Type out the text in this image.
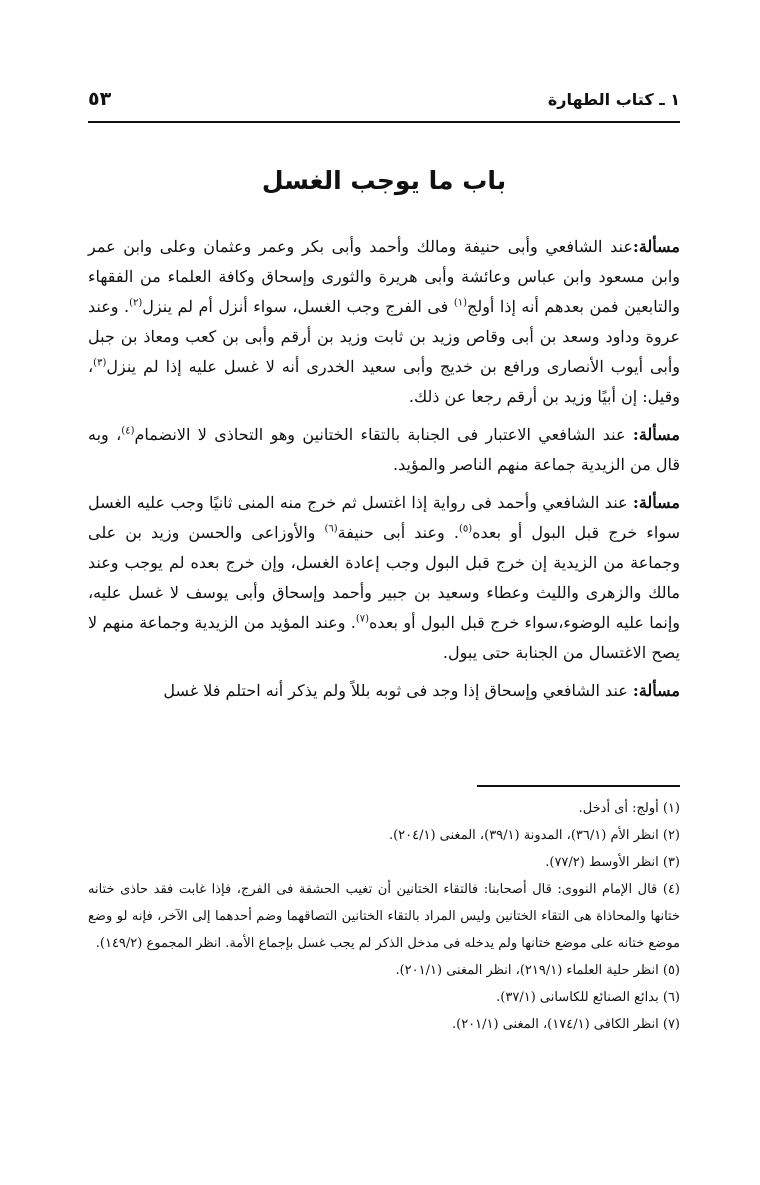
١ ـ كتاب الطهارة
٥٣
باب ما يوجب الغسل

مسألة:عند الشافعي وأبى حنيفة ومالك وأحمد وأبى بكر وعمر وعثمان وعلى وابن عمر وابن مسعود وابن عباس وعائشة وأبى هريرة والثورى وإسحاق وكافة العلماء من الفقهاء والتابعين فمن بعدهم أنه إذا أولج$^{(١)}$ فى الفرج وجب الغسل، سواء أنزل أم لم ينزل$^{(٢)}$. وعند عروة وداود وسعد بن أبى وقاص وزيد بن ثابت وزيد بن أرقم وأبى بن كعب ومعاذ بن جبل وأبى أيوب الأنصارى ورافع بن خديج وأبى سعيد الخدرى أنه لا غسل عليه إذا لم ينزل$^{(٣)}$، وقيل: إن أبيًا وزيد بن أرقم رجعا عن ذلك.

مسألة: عند الشافعي الاعتبار فى الجنابة بالتقاء الختانين وهو التحاذى لا الانضمام$^{(٤)}$، وبه قال من الزيدية جماعة منهم الناصر والمؤيد.

مسألة: عند الشافعي وأحمد فى رواية إذا اغتسل ثم خرج منه المنى ثانيًا وجب عليه الغسل سواء خرج قبل البول أو بعده$^{(٥)}$. وعند أبى حنيفة$^{(٦)}$ والأوزاعى والحسن وزيد بن على وجماعة من الزيدية إن خرج قبل البول وجب إعادة الغسل، وإن خرج بعده لم يوجب وعند مالك والزهرى والليث وعطاء وسعيد بن جبير وأحمد وإسحاق وأبى يوسف لا غسل عليه، وإنما عليه الوضوء،سواء خرج قبل البول أو بعده$^{(٧)}$. وعند المؤيد من الزيدية وجماعة منهم لا يصح الاغتسال من الجنابة حتى يبول.

مسألة: عند الشافعي وإسحاق إذا وجد فى ثوبه بللاً ولم يذكر أنه احتلم فلا غسل

(١) أولج: أى أدخل.

(٢) انظر الأم (٣٦/١)، المدونة (٣٩/١)، المغنى (٢٠٤/١).

(٣) انظر الأوسط (٧٧/٢).

(٤) قال الإمام النووى: قال أصحابنا: فالتقاء الختانين أن تغيب الحشفة فى الفرج، فإذا غابت فقد حاذى ختانه ختانها والمحاذاة هى التقاء الختانين وليس المراد بالتقاء الختانين التصاقهما وضم أحدهما إلى الآخر، فإنه لو وضع موضع ختانه على موضع ختانها ولم يدخله فى مدخل الذكر لم يجب غسل بإجماع الأمة. انظر المجموع (١٤٩/٢).

(٥) انظر حلية العلماء (٢١٩/١)، انظر المغنى (٢٠١/١).

(٦) بدائع الصنائع للكاسانى (٣٧/١).

(٧) انظر الكافى (١٧٤/١)، المغنى (٢٠١/١).
